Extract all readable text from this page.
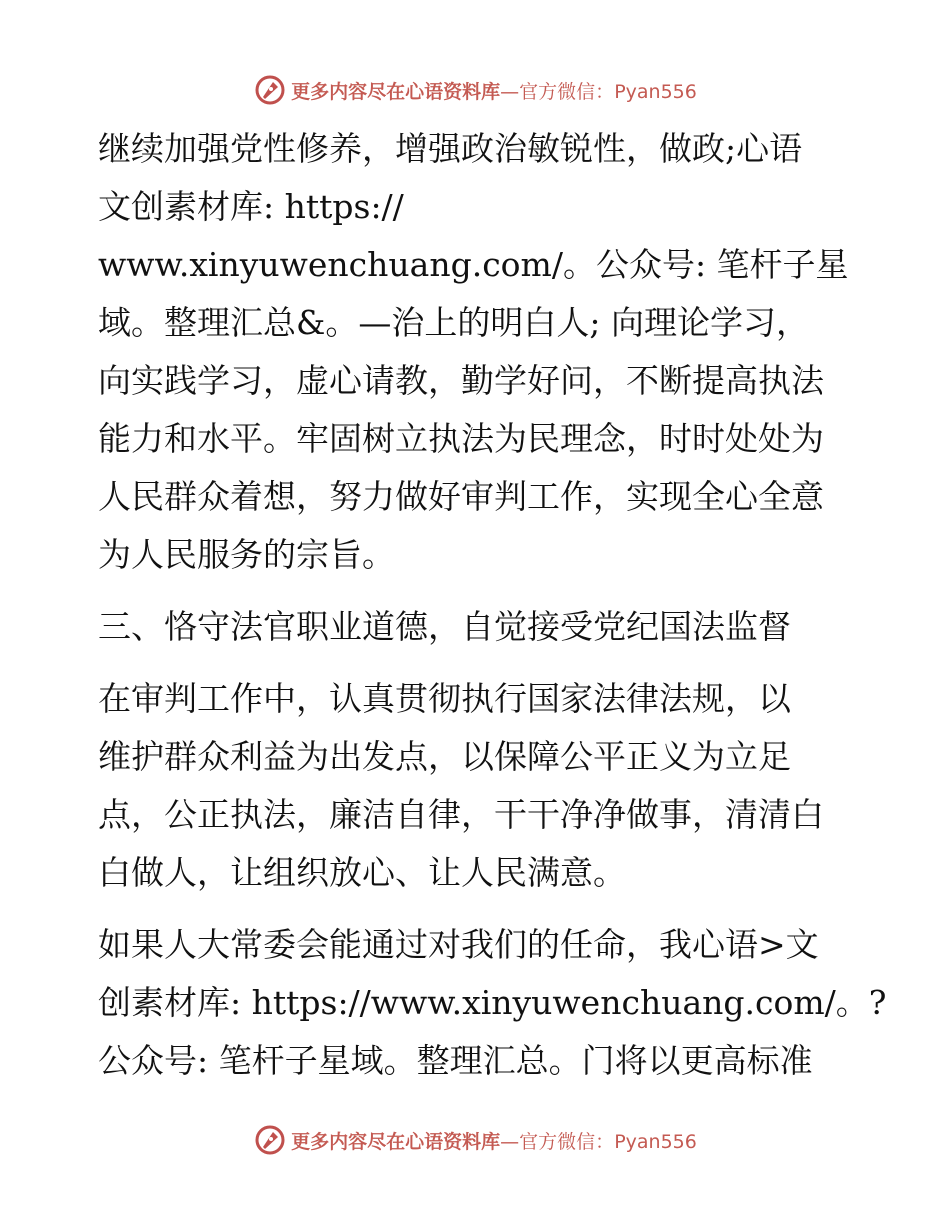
更多内容尽在心语资料库—官方微信：Pyan556
继续加强党性修养，增强政治敏锐性，做政;心语
文创素材库: https://
www.xinyuwenchuang.com/。公众号: 笔杆子星
域。整理汇总&。—治上的明白人; 向理论学习，
向实践学习，虚心请教，勤学好问，不断提高执法
能力和水平。牢固树立执法为民理念，时时处处为
人民群众着想，努力做好审判工作，实现全心全意
为人民服务的宗旨。
三、恪守法官职业道德，自觉接受党纪国法监督
在审判工作中，认真贯彻执行国家法律法规，以
维护群众利益为出发点，以保障公平正义为立足
点，公正执法，廉洁自律，干干净净做事，清清白
白做人，让组织放心、让人民满意。
如果人大常委会能通过对我们的任命，我心语>文
创素材库: https://www.xinyuwenchuang.com/。?
公众号: 笔杆子星域。整理汇总。门将以更高标准
更多内容尽在心语资料库—官方微信：Pyan556
